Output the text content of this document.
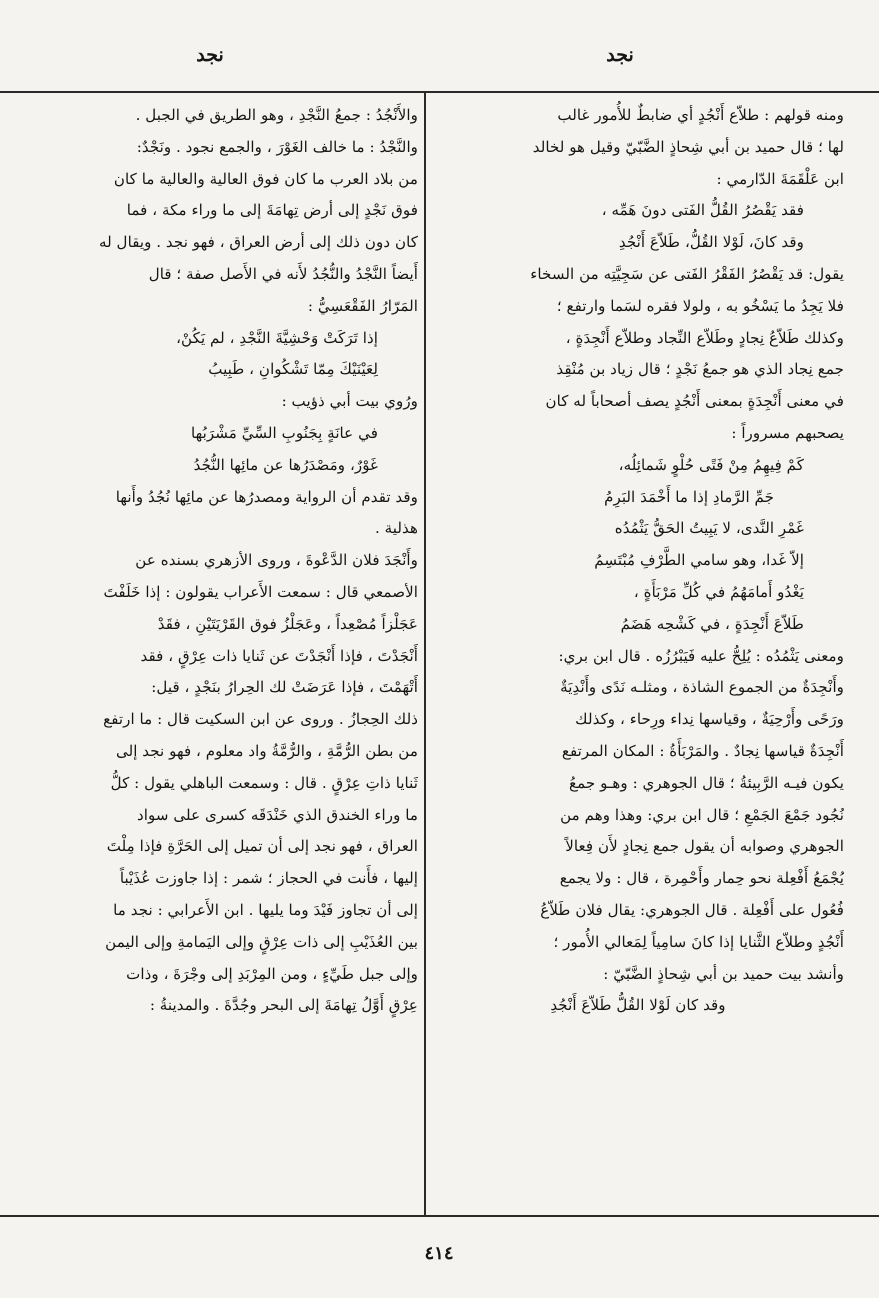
نجد
نجد

ومنه قولهم : طلاّع أَنْجُدٍ أي ضابطٌ للأُمور غالب

لها ؛ قال حميد بن أبي شِحاذٍ الضَّبّيّ وقيل هو لخالد

ابن عَلْقَمَةَ الدّارمي :

فقد يَقْصُرُ القُلُّ الفَتى دونَ هَمِّه ،

وقد كانَ، لَوْلا القُلُّ، طَلاّعَ أَنْجُدِ

يقول: قد يَقْصُرُ الفَقْرُ الفَتى عن سَجِيَّتِه من السخاء

فلا يَجِدُ ما يَسْخُو به ، ولولا فقره لسَما وارتفع ؛

وكذلك طَلاّعُ نِجادٍ وطَلاّع النِّجاد وطلاّع أَنْجِدَةٍ ،

جمع نِجاد الذي هو جمعُ نَجْدٍ ؛ قال زياد بن مُنْقِذ

في معنى أَنْجِدَةٍ بمعنى أَنْجُدٍ يصف أصحاباً له كان

يصحبهم مسروراً :

كَمْ فِيهِمُ مِنْ فَتًى حُلْوٍ شَمائِلُه،

جَمِّ الرَّمادِ إذا ما أَخْمَدَ البَرِمُ

غَمْرِ النَّدى، لا يَبِيتُ الحَقُّ يَثْمُدُه

إلاّ غَدا، وهو سامي الطَّرْفِ مُبْتَسِمُ

يَغْدُو أَمامَهُمُ في كُلِّ مَرْبَأَةٍ ،

طَلاّعَ أَنْجِدَةٍ ، في كَشْحِه هَضَمُ

ومعنى يَثْمُدُه : يُلِحُّ عليه فَيَبْرُزُه . قال ابن بري:

وأَنْجِدَةٌ من الجموع الشاذة ، ومثلـه نَدًى وأَنْدِيَةٌ

ورَحًى وأَرْحِيَةٌ ، وقياسها نِداء ورِحاء ، وكذلك

أَنْجِدَةٌ قياسها نِجادٌ . والمَرْبَأَةُ : المكان المرتفع

يكون فيـه الرَّبِيئةُ ؛ قال الجوهري : وهـو جمعُ

نُجُود جَمْعَ الجَمْعِ ؛ قال ابن بري: وهذا وهم من

الجوهري وصوابه أن يقول جمع نِجادٍ لأَن فِعالاً

يُجْمَعُ أَفْعِلة نحو حِمار وأَحْمِرة ، قال : ولا يجمع

فُعُول على أَفْعِلة . قال الجوهري: يقال فلان طَلاّعُ

أَنْجُدٍ وطلاّع الثَّنايا إذا كانَ سامِياً لِمَعالي الأُمور ؛

وأنشد بيت حميد بن أبي شِحاذٍ الضَّبّيّ :

وقد كان لَوْلا القُلُّ طَلاّعَ أَنْجُدِ

والأَنْجُدُ : جمعُ النَّجْدِ ، وهو الطريق في الجبل .

والنَّجْدُ : ما خالف الغَوْرَ ، والجمع نجود . ونَجْدٌ:

من بلاد العرب ما كان فوق العالية والعالية ما كان

فوق نَجْدٍ إلى أرض تِهامَةَ إلى ما وراء مكة ، فما

كان دون ذلك إلى أرض العراق ، فهو نجد . ويقال له

أَيضاً النَّجْدُ والنُّجُدُ لأَنه في الأَصل صفة ؛ قال

المَرّارُ الفَقْعَسِيُّ :

إذا تَرَكَتْ وَحْشِيَّةَ النَّجْدِ ، لم يَكُنْ،

لِعَيْنَيْكَ مِمّا تَشْكُوانِ ، طَبِيبُ

ورُوي بيت أبي ذؤيب :

في عانَةٍ بِجَنُوبِ السِّيِّ مَشْرَبُها

غَوْرٌ، ومَصْدَرُها عن مائِها النُّجُدُ

وقد تقدم أن الرواية ومصدرُها عن مائِها نُجُدُ وأَنها

هذلية .

وأَنْجَدَ فلان الدَّعْوةَ ، وروى الأزهري بسنده عن

الأصمعي قال : سمعت الأَعراب يقولون : إذا خَلَفْتَ

عَجَلْزاً مُصْعِداً ، وعَجَلْزُ فوق القَرْيَتَيْنِ ، فقَدْ

أَنْجَدْتَ ، فإذا أَنْجَدْتَ عن ثَنايا ذات عِرْقٍ ، فقد

أَتْهَمْتَ ، فإذا عَرَضَتْ لك الحِرارُ بنَجْدٍ ، قيل:

ذلك الحِجازُ . وروى عن ابن السكيت قال : ما ارتفع

من بطن الرُّمَّةِ ، والرُّمَّةُ واد معلوم ، فهو نجد إلى

ثَنايا ذاتِ عِرْقٍ . قال : وسمعت الباهلي يقول : كلُّ

ما وراء الخندق الذي خَنْدَقَه كسرى على سواد

العراق ، فهو نجد إلى أن تميل إلى الحَرَّةِ فإذا مِلْتَ

إليها ، فأَنت في الحجاز ؛ شمر : إذا جاوزت عُذَيْباً

إلى أن تجاوز فَيْدَ وما يليها . ابن الأَعرابي : نجد ما

بين العُذَيْبِ إلى ذات عِرْقٍ وإلى اليَمامةِ وإلى اليمن

وإلى جبل طَيِّءٍ ، ومن المِرْبَدِ إلى وجْرَةَ ، وذات

عِرْقٍ أَوَّلُ تِهامَةَ إلى البحر وجُدَّةَ . والمدينةُ :

٤١٤
